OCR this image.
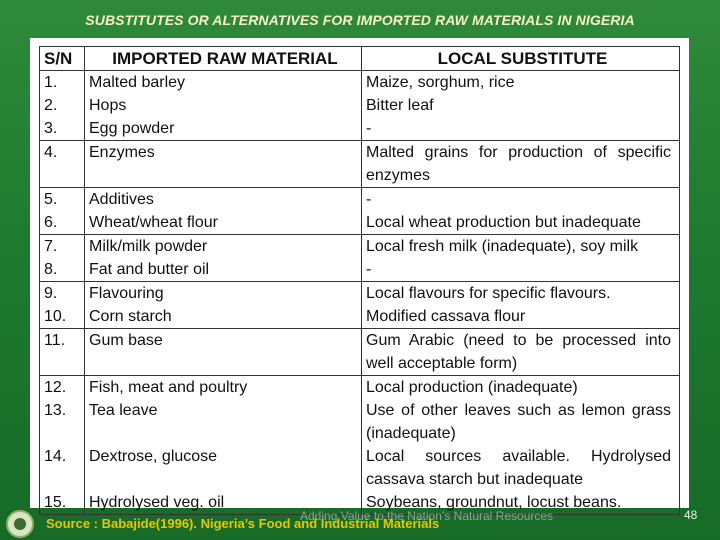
SUBSTITUTES OR ALTERNATIVES FOR IMPORTED RAW MATERIALS IN NIGERIA
S/N	IMPORTED RAW MATERIAL	LOCAL SUBSTITUTE
1.	Malted barley	Maize, sorghum, rice
2.	Hops	Bitter leaf
3.	Egg powder	-
4.	Enzymes	Malted grains for production of specific enzymes
5.	Additives	-
6.	Wheat/wheat flour	Local wheat production but inadequate
7.	Milk/milk powder	Local fresh milk (inadequate), soy milk
8.	Fat and butter oil	-
9.	Flavouring	Local flavours for specific flavours.
10.	Corn starch	Modified cassava flour
11.	Gum base	Gum Arabic (need to be processed into well acceptable form)
12.	Fish, meat and poultry	Local production (inadequate)
13.	Tea leave	Use of other leaves such as lemon grass (inadequate)
14.	Dextrose, glucose	Local sources available. Hydrolysed cassava starch but inadequate
15.	Hydrolysed veg. oil	Soybeans, groundnut, locust beans.
Adding Value to the Nation’s Natural Resources
Source : Babajide(1996). Nigeria’s Food and Industrial Materials
48
